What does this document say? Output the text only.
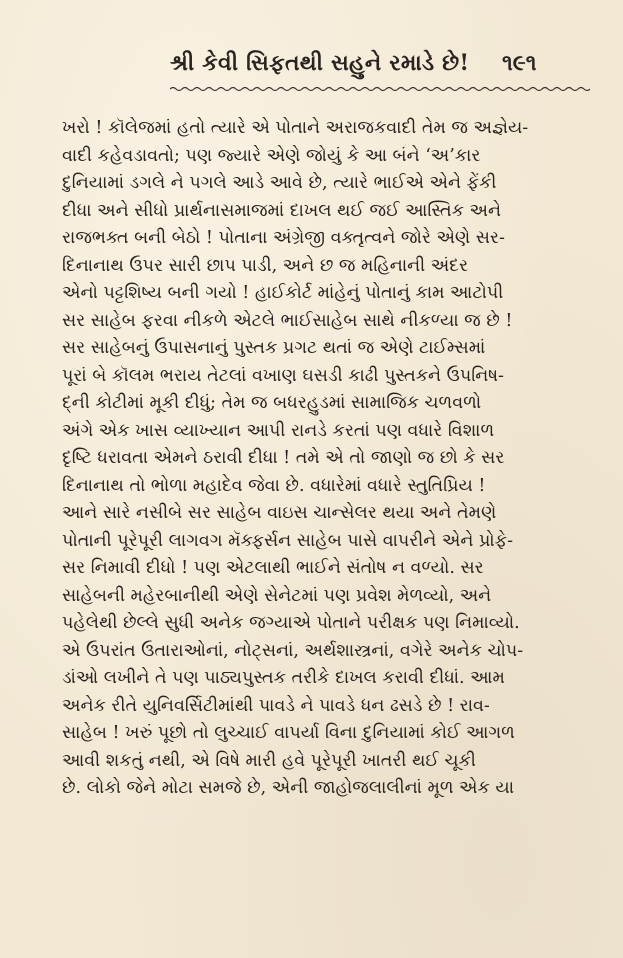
શ્રી કેવી સિફતથી સહુને રમાડે છે! ૧૯૧
ખરો ! કૉલેજમાં હતો ત્યારે એ પોતાને અરાજકવાદી તેમ જ અજ્ઞેય-
વાદી કહેવડાવતો; પણ જ્યારે એણે જોયું કે આ બંને ‘અ’કાર
દુનિયામાં ડગલે ને પગલે આડે આવે છે, ત્યારે ભાઈએ એને ફેંકી
દીધા અને સીધો પ્રાર્થનાસમાજમાં દાખલ થઈ જઈ આસ્તિક અને
રાજભક્ત બની બેઠો ! પોતાના અંગ્રેજી વક્તૃત્વને જોરે એણે સર-
દિનાનાથ ઉપર સારી છાપ પાડી, અને છ જ મહિનાની અંદર
એનો પટ્ટશિષ્ય બની ગયો ! હાઈકોર્ટ માંહેનું પોતાનું કામ આટોપી
સર સાહેબ ફરવા નીકળે એટલે ભાઈસાહેબ સાથે નીકળ્યા જ છે !
સર સાહેબનું ઉપાસનાનું પુસ્તક પ્રગટ થતાં જ એણે ટાઈમ્સમાં
પૂરાં બે કૉલમ ભરાય તેટલાં વખાણ ઘસડી કાઢી પુસ્તકને ઉપનિષ-
દ્ની કોટીમાં મૂકી દીધું; તેમ જ બધરહુડમાં સામાજિક ચળવળો
અંગે એક ખાસ વ્યાખ્યાન આપી રાનડે કરતાં પણ વધારે વિશાળ
દૃષ્ટિ ધરાવતા એમને ઠરાવી દીધા ! તમે એ તો જાણો જ છો કે સર
દિનાનાથ તો ભોળા મહાદેવ જેવા છે. વધારેમાં વધારે સ્તુતિપ્રિય !
આને સારે નસીબે સર સાહેબ વાઇસ ચાન્સેલર થયા અને તેમણે
પોતાની પૂરેપૂરી લાગવગ મૅક્ફર્સન સાહેબ પાસે વાપરીને એને પ્રોફે-
સર નિમાવી દીધો ! પણ એટલાથી ભાઈને સંતોષ ન વળ્યો. સર
સાહેબની મહેરબાનીથી એણે સેનેટમાં પણ પ્રવેશ મેળવ્યો, અને
પહેલેથી છેલ્લે સુધી અનેક જગ્યાએ પોતાને પરીક્ષક પણ નિમાવ્યો.
એ ઉપરાંત ઉતારાઓનાં, નોટ્સનાં, અર્થશાસ્ત્રનાં, વગેરે અનેક ચોપ-
ડાંઓ લખીને તે પણ પાઠ્યપુસ્તક તરીકે દાખલ કરાવી દીધાં. આમ
અનેક રીતે યુનિવર્સિટીમાંથી પાવડે ને પાવડે ધન ઢસડે છે ! રાવ-
સાહેબ ! ખરું પૂછો તો લુચ્ચાઈ વાપર્યા વિના દુનિયામાં કોઈ આગળ
આવી શકતું નથી, એ વિષે મારી હવે પૂરેપૂરી ખાતરી થઈ ચૂકી
છે. લોકો જેને મોટા સમજે છે, એની જાહોજલાલીનાં મૂળ એક યા
